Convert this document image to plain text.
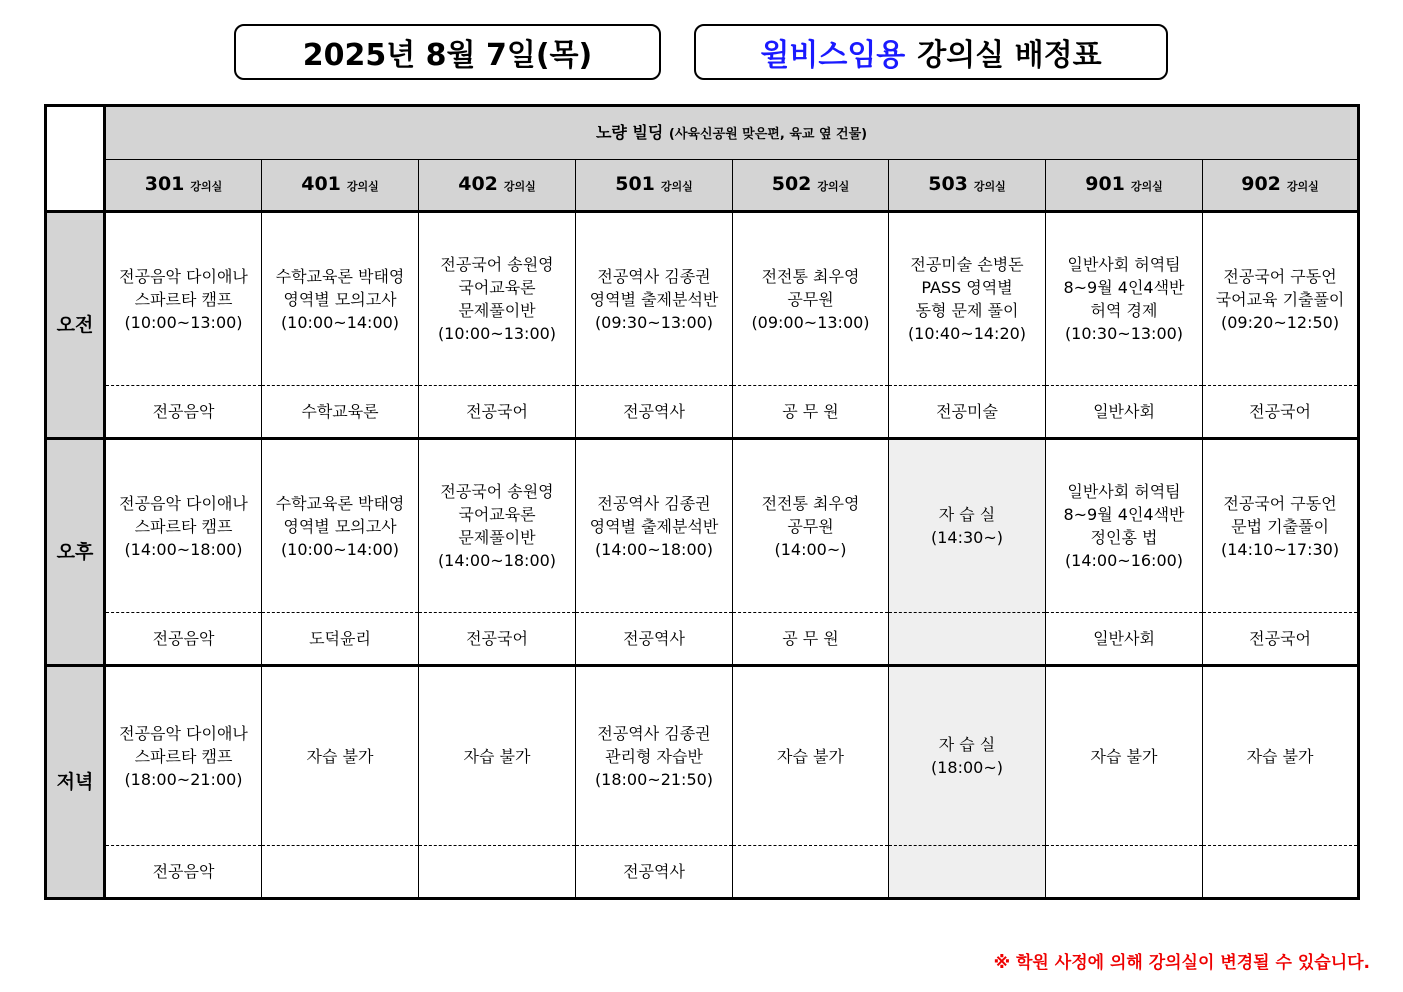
2025년 8월 7일(목)	윌비스임용 강의실 배정표
	노량 빌딩 (사육신공원 맞은편, 육교 옆 건물)							
	301 강의실	401 강의실	402 강의실	501 강의실	502 강의실	503 강의실	901 강의실	902 강의실
오전	전공음악 다이애나
스파르타 캠프
(10:00~13:00)	수학교육론 박태영
영역별 모의고사
(10:00~14:00)	전공국어 송원영
국어교육론
문제풀이반
(10:00~13:00)	전공역사 김종권
영역별 출제분석반
(09:30~13:00)	전전통 최우영
공무원
(09:00~13:00)	전공미술 손병돈
PASS 영역별
동형 문제 풀이
(10:40~14:20)	일반사회 허역팀
8~9월 4인4색반
허역 경제
(10:30~13:00)	전공국어 구동언
국어교육 기출풀이
(09:20~12:50)

	전공음악	수학교육론	전공국어	전공역사	공 무 원	전공미술	일반사회	전공국어
오후	전공음악 다이애나
스파르타 캠프
(14:00~18:00)	수학교육론 박태영
영역별 모의고사
(10:00~14:00)	전공국어 송원영
국어교육론
문제풀이반
(14:00~18:00)	전공역사 김종권
영역별 출제분석반
(14:00~18:00)	전전통 최우영
공무원
(14:00~)	자 습 실
(14:30~)	일반사회 허역팀
8~9월 4인4색반
정인홍 법
(14:00~16:00)	전공국어 구동언
문법 기출풀이
(14:10~17:30)

	전공음악	도덕윤리	전공국어	전공역사	공 무 원		일반사회	전공국어
저녁	전공음악 다이애나
스파르타 캠프
(18:00~21:00)	자습 불가	자습 불가	전공역사 김종권
관리형 자습반
(18:00~21:50)	자습 불가	자 습 실
(18:00~)	자습 불가	자습 불가

	전공음악			전공역사				
※ 학원 사정에 의해 강의실이 변경될 수 있습니다.
